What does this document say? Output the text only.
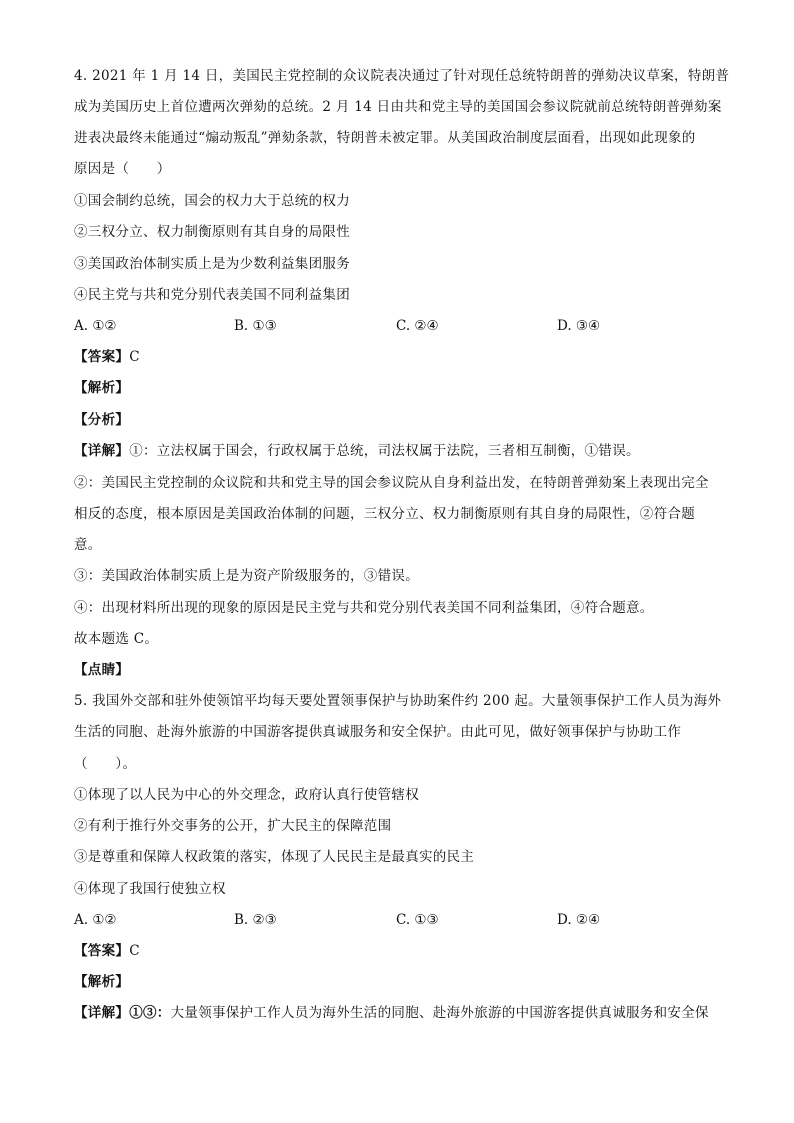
4. 2021 年 1 月 14 日，美国民主党控制的众议院表决通过了针对现任总统特朗普的弹劾决议草案，特朗普
成为美国历史上首位遭两次弹劾的总统。2 月 14 日由共和党主导的美国国会参议院就前总统特朗普弹劾案
进表决最终未能通过“煽动叛乱”弹劾条款，特朗普未被定罪。从美国政治制度层面看，出现如此现象的
原因是（　　）
①国会制约总统，国会的权力大于总统的权力
②三权分立、权力制衡原则有其自身的局限性
③美国政治体制实质上是为少数利益集团服务
④民主党与共和党分别代表美国不同利益集团
A. ①②	B. ①③	C. ②④	D. ③④
【答案】C
【解析】
【分析】
【详解】①：立法权属于国会，行政权属于总统，司法权属于法院，三者相互制衡，①错误。
②：美国民主党控制的众议院和共和党主导的国会参议院从自身利益出发，在特朗普弹劾案上表现出完全
相反的态度，根本原因是美国政治体制的问题，三权分立、权力制衡原则有其自身的局限性，②符合题
意。
③：美国政治体制实质上是为资产阶级服务的，③错误。
④：出现材料所出现的现象的原因是民主党与共和党分别代表美国不同利益集团，④符合题意。
故本题选 C。
【点睛】
5. 我国外交部和驻外使领馆平均每天要处置领事保护与协助案件约 200 起。大量领事保护工作人员为海外
生活的同胞、赴海外旅游的中国游客提供真诚服务和安全保护。由此可见，做好领事保护与协助工作
（　　）。
①体现了以人民为中心的外交理念，政府认真行使管辖权
②有利于推行外交事务的公开，扩大民主的保障范围
③是尊重和保障人权政策的落实，体现了人民民主是最真实的民主
④体现了我国行使独立权
A. ①②	B. ②③	C. ①③	D. ②④
【答案】C
【解析】
【详解】①③：大量领事保护工作人员为海外生活的同胞、赴海外旅游的中国游客提供真诚服务和安全保
